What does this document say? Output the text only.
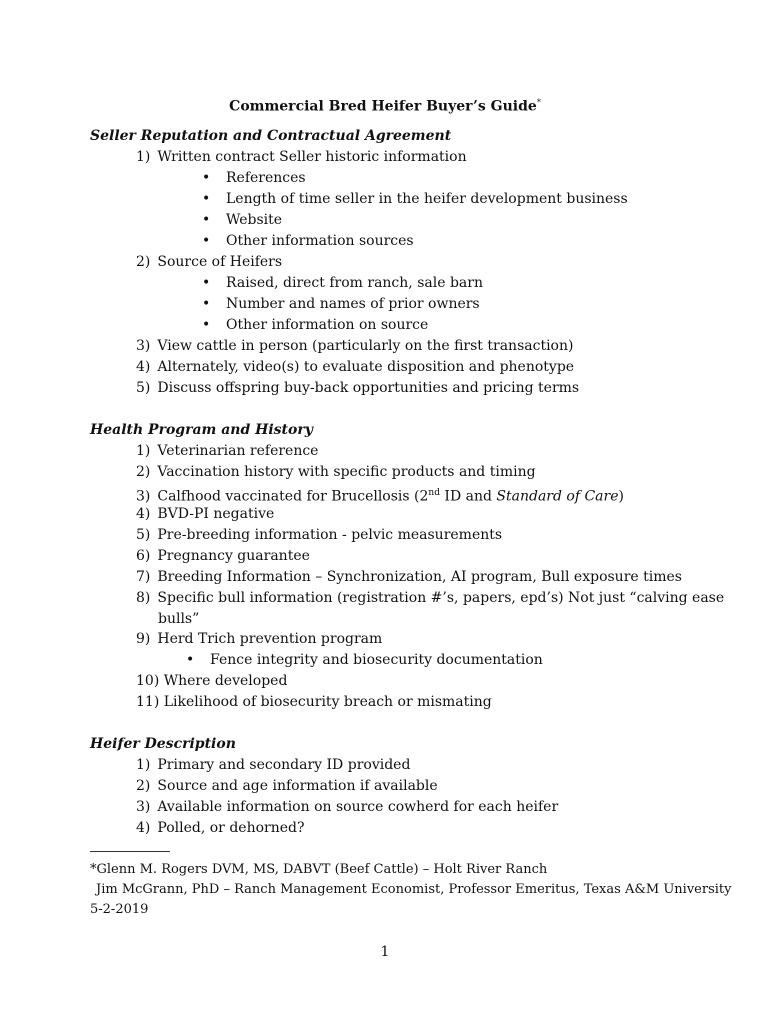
Commercial Bred Heifer Buyer’s Guide*
Seller Reputation and Contractual Agreement
1) Written contract Seller historic information
• References
• Length of time seller in the heifer development business
• Website
• Other information sources
2) Source of Heifers
• Raised, direct from ranch, sale barn
• Number and names of prior owners
• Other information on source
3) View cattle in person (particularly on the first transaction)
4) Alternately, video(s) to evaluate disposition and phenotype
5) Discuss offspring buy-back opportunities and pricing terms
Health Program and History
1) Veterinarian reference
2) Vaccination history with specific products and timing
3) Calfhood vaccinated for Brucellosis (2nd ID and Standard of Care)
4) BVD-PI negative
5) Pre-breeding information - pelvic measurements
6) Pregnancy guarantee
7) Breeding Information – Synchronization, AI program, Bull exposure times
8) Specific bull information (registration #’s, papers, epd’s) Not just “calving ease
bulls”
9) Herd Trich prevention program
• Fence integrity and biosecurity documentation
10) Where developed
11) Likelihood of biosecurity breach or mismating
Heifer Description
1) Primary and secondary ID provided
2) Source and age information if available
3) Available information on source cowherd for each heifer
4) Polled, or dehorned?
*Glenn M. Rogers DVM, MS, DABVT (Beef Cattle) – Holt River Ranch
Jim McGrann, PhD – Ranch Management Economist, Professor Emeritus, Texas A&M University
5-2-2019
1
